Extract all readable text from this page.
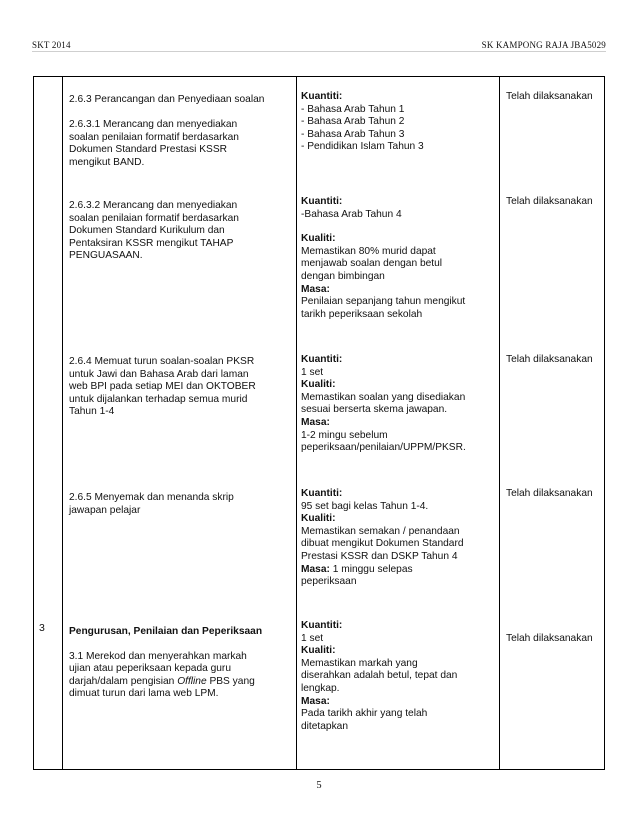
SKT 2014	SK KAMPONG RAJA JBA5029
3
2.6.3 Perancangan dan Penyediaan soalan

2.6.3.1 Merancang dan menyediakan
soalan penilaian formatif berdasarkan
Dokumen Standard Prestasi KSSR
mengikut BAND.
Kuantiti:
- Bahasa Arab Tahun 1
- Bahasa Arab Tahun 2
- Bahasa Arab Tahun 3
- Pendidikan Islam Tahun 3
Telah dilaksanakan
2.6.3.2 Merancang dan menyediakan
soalan penilaian formatif berdasarkan
Dokumen Standard Kurikulum dan
Pentaksiran KSSR mengikut TAHAP
PENGUASAAN.
Kuantiti:
-Bahasa Arab Tahun 4
Kualiti:
Memastikan 80% murid dapat
menjawab soalan dengan betul
dengan bimbingan
Masa:
Penilaian sepanjang tahun mengikut
tarikh peperiksaan sekolah
Telah dilaksanakan
2.6.4 Memuat turun soalan-soalan PKSR
untuk Jawi dan Bahasa Arab dari laman
web BPI pada setiap MEI dan OKTOBER
untuk dijalankan terhadap semua murid
Tahun 1-4
Kuantiti:
1 set
Kualiti:
Memastikan soalan yang disediakan
sesuai berserta skema jawapan.
Masa:
1-2 mingu sebelum
peperiksaan/penilaian/UPPM/PKSR.
Telah dilaksanakan
2.6.5 Menyemak dan menanda skrip
jawapan pelajar
Kuantiti:
95 set bagi kelas Tahun 1-4.
Kualiti:
Memastikan semakan / penandaan
dibuat mengikut Dokumen Standard
Prestasi KSSR dan DSKP Tahun 4
Masa: 1 minggu selepas
peperiksaan
Telah dilaksanakan
Pengurusan, Penilaian dan Peperiksaan
3.1 Merekod dan menyerahkan markah
ujian atau peperiksaan kepada guru
darjah/dalam pengisian Offline PBS yang
dimuat turun dari lama web LPM.
Kuantiti:
1 set
Kualiti:
Memastikan markah yang
diserahkan adalah betul, tepat dan
lengkap.
Masa:
Pada tarikh akhir yang telah
ditetapkan
Telah dilaksanakan
5
